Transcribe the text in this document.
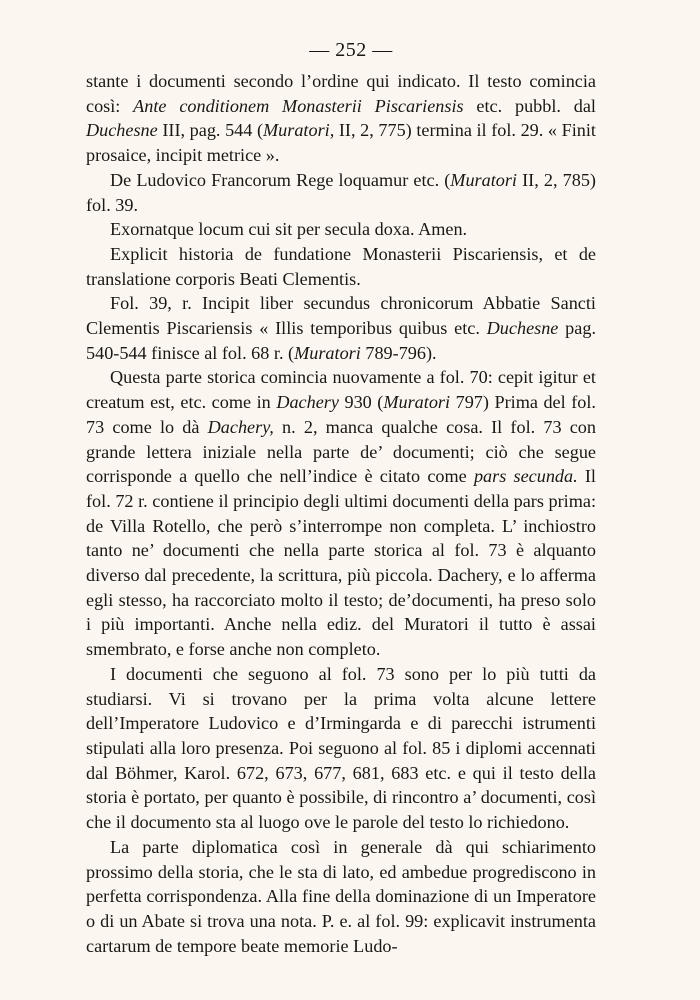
— 252 —

stante i documenti secondo l’ordine qui indicato. Il testo comincia così: Ante conditionem Monasterii Piscariensis etc. pubbl. dal Duchesne III, pag. 544 (Muratori, II, 2, 775) termina il fol. 29. « Finit prosaice, incipit metrice ».

De Ludovico Francorum Rege loquamur etc. (Muratori II, 2, 785) fol. 39.

Exornatque locum cui sit per secula doxa. Amen.

Explicit historia de fundatione Monasterii Piscariensis, et de translatione corporis Beati Clementis.

Fol. 39, r. Incipit liber secundus chronicorum Abbatie Sancti Clementis Piscariensis « Illis temporibus quibus etc. Duchesne pag. 540-544 finisce al fol. 68 r. (Muratori 789-796).

Questa parte storica comincia nuovamente a fol. 70: cepit igitur et creatum est, etc. come in Dachery 930 (Muratori 797) Prima del fol. 73 come lo dà Dachery, n. 2, manca qualche cosa. Il fol. 73 con grande lettera iniziale nella parte de’ documenti; ciò che segue corrisponde a quello che nell’indice è citato come pars secunda. Il fol. 72 r. contiene il principio degli ultimi documenti della pars prima: de Villa Rotello, che però s’interrompe non completa. L’ inchiostro tanto ne’ documenti che nella parte storica al fol. 73 è alquanto diverso dal precedente, la scrittura, più piccola. Dachery, e lo afferma egli stesso, ha raccorciato molto il testo; de’documenti, ha preso solo i più importanti. Anche nella ediz. del Muratori il tutto è assai smembrato, e forse anche non completo.

I documenti che seguono al fol. 73 sono per lo più tutti da studiarsi. Vi si trovano per la prima volta alcune lettere dell’Imperatore Ludovico e d’Irmingarda e di parecchi istrumenti stipulati alla loro presenza. Poi seguono al fol. 85 i diplomi accennati dal Böhmer, Karol. 672, 673, 677, 681, 683 etc. e qui il testo della storia è portato, per quanto è possibile, di rincontro a’ documenti, così che il documento sta al luogo ove le parole del testo lo richiedono.

La parte diplomatica così in generale dà qui schiarimento prossimo della storia, che le sta di lato, ed ambedue progrediscono in perfetta corrispondenza. Alla fine della dominazione di un Imperatore o di un Abate si trova una nota. P. e. al fol. 99: explicavit instrumenta cartarum de tempore beate memorie Ludo-
